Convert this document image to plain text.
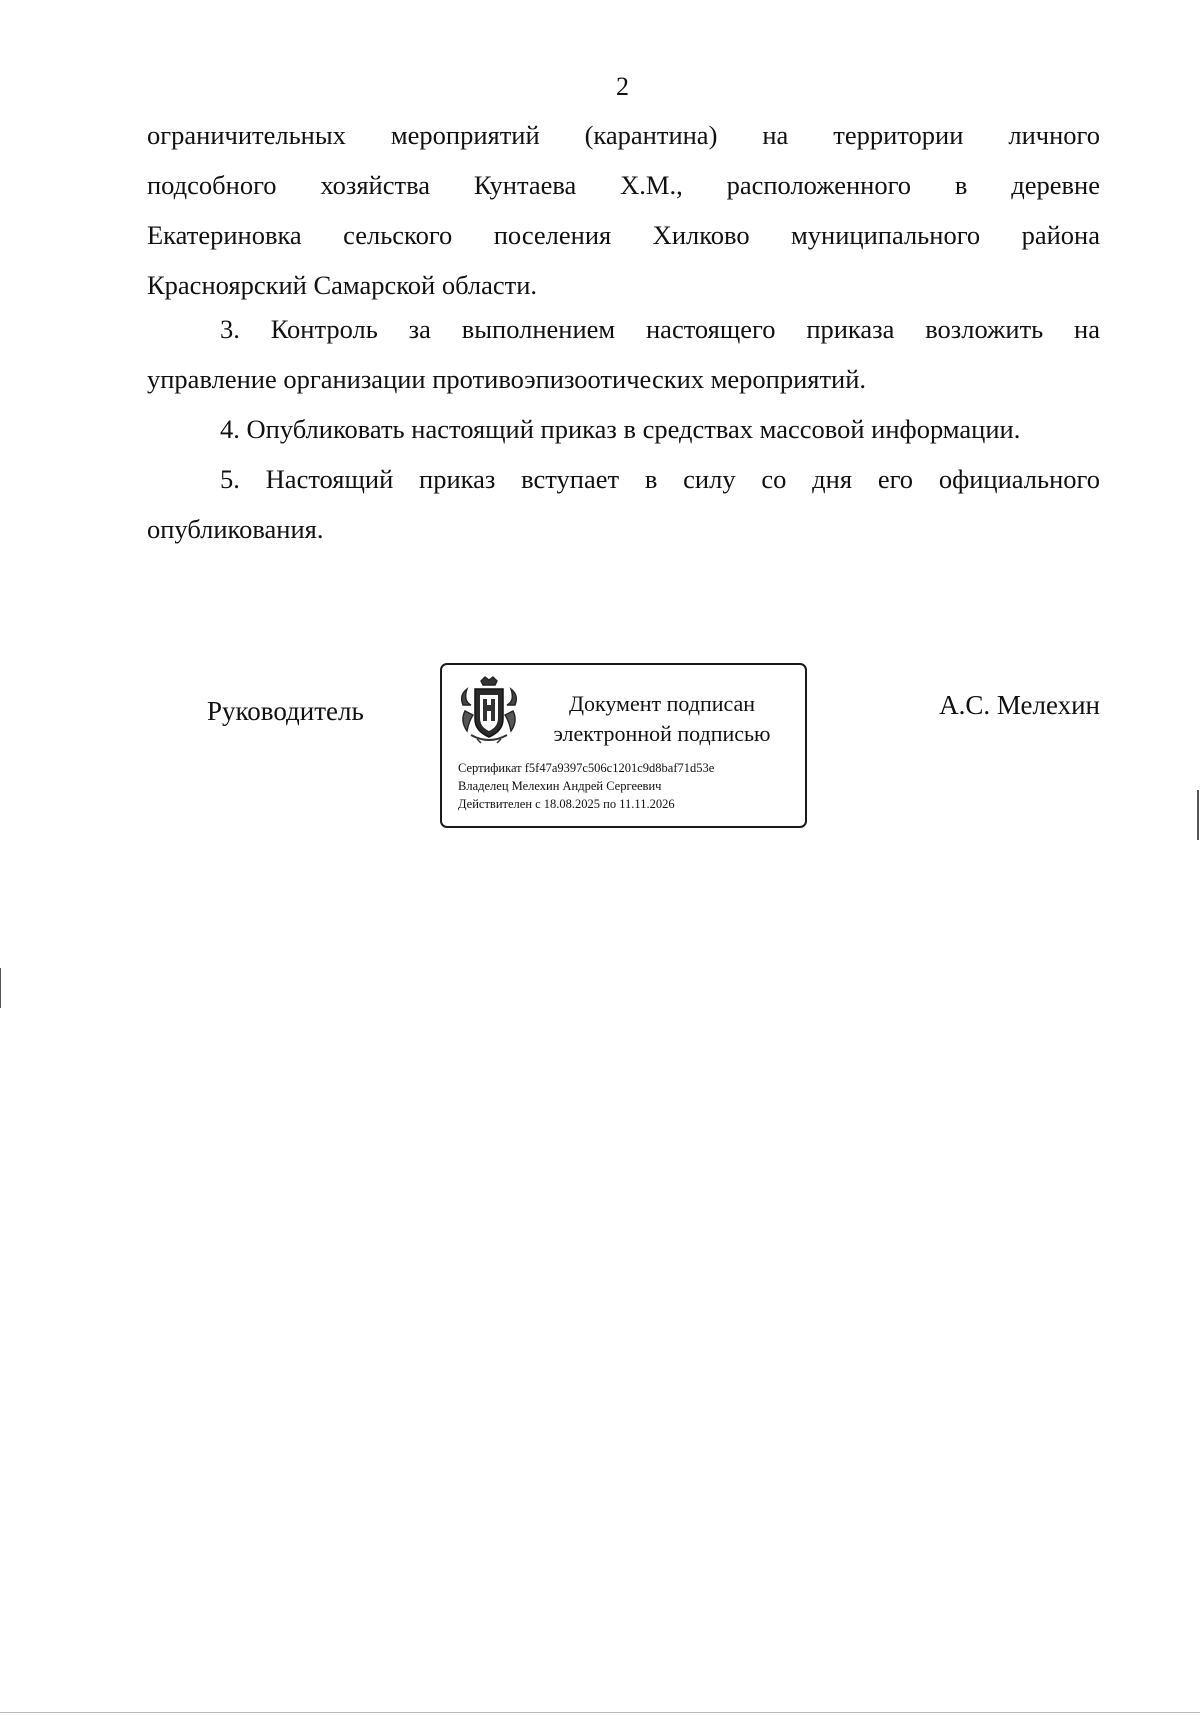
2
ограничительных мероприятий (карантина) на территории личного
подсобного хозяйства Кунтаева Х.М., расположенного в деревне
Екатериновка сельского поселения Хилково муниципального района
Красноярский Самарской области.
3. Контроль за выполнением настоящего приказа возложить на
управление организации противоэпизоотических мероприятий.
4. Опубликовать настоящий приказ в средствах массовой информации.
5. Настоящий приказ вступает в силу со дня его официального
опубликования.
Руководитель	Документ подписан
электронной подписью
Сертификат f5f47a9397c506c1201c9d8baf71d53e
Владелец Мелехин Андрей Сергеевич
Действителен с 18.08.2025 по 11.11.2026
А.С. Мелехин
